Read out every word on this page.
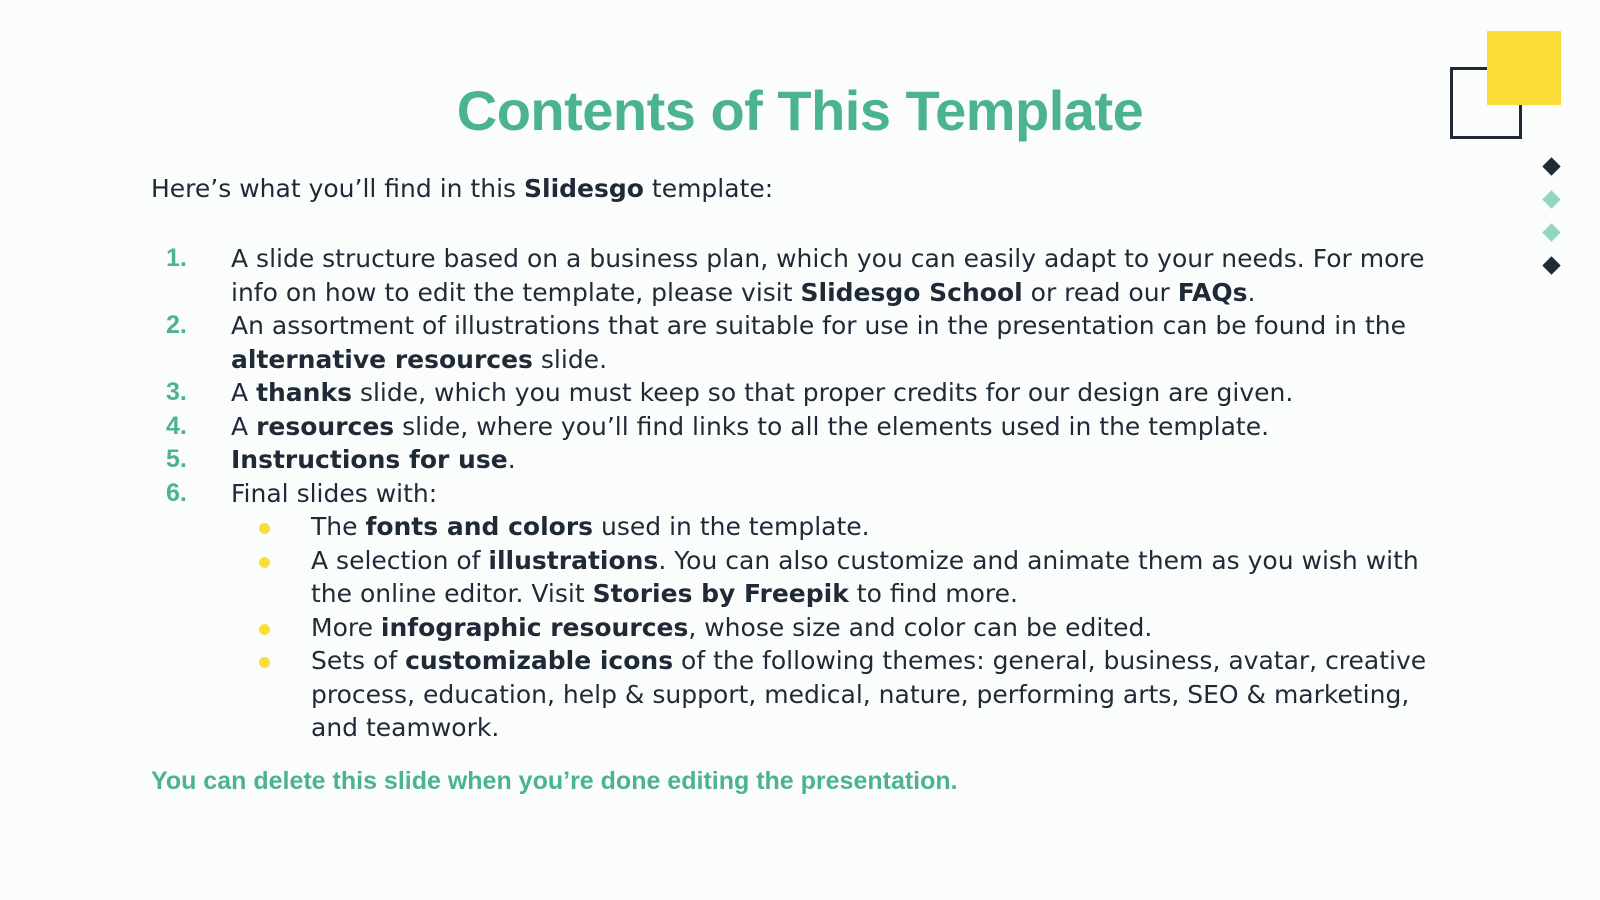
Contents of This Template

Here’s what you’ll find in this Slidesgo template:

1. A slide structure based on a business plan, which you can easily adapt to your needs. For more info on how to edit the template, please visit Slidesgo School or read our FAQs.
2. An assortment of illustrations that are suitable for use in the presentation can be found in the alternative resources slide.
3. A thanks slide, which you must keep so that proper credits for our design are given.
4. A resources slide, where you’ll find links to all the elements used in the template.
5. Instructions for use.
6. Final slides with:
The fonts and colors used in the template.
A selection of illustrations. You can also customize and animate them as you wish with the online editor. Visit Stories by Freepik to find more.
More infographic resources, whose size and color can be edited.
Sets of customizable icons of the following themes: general, business, avatar, creative process, education, help & support, medical, nature, performing arts, SEO & marketing, and teamwork.

You can delete this slide when you’re done editing the presentation.
